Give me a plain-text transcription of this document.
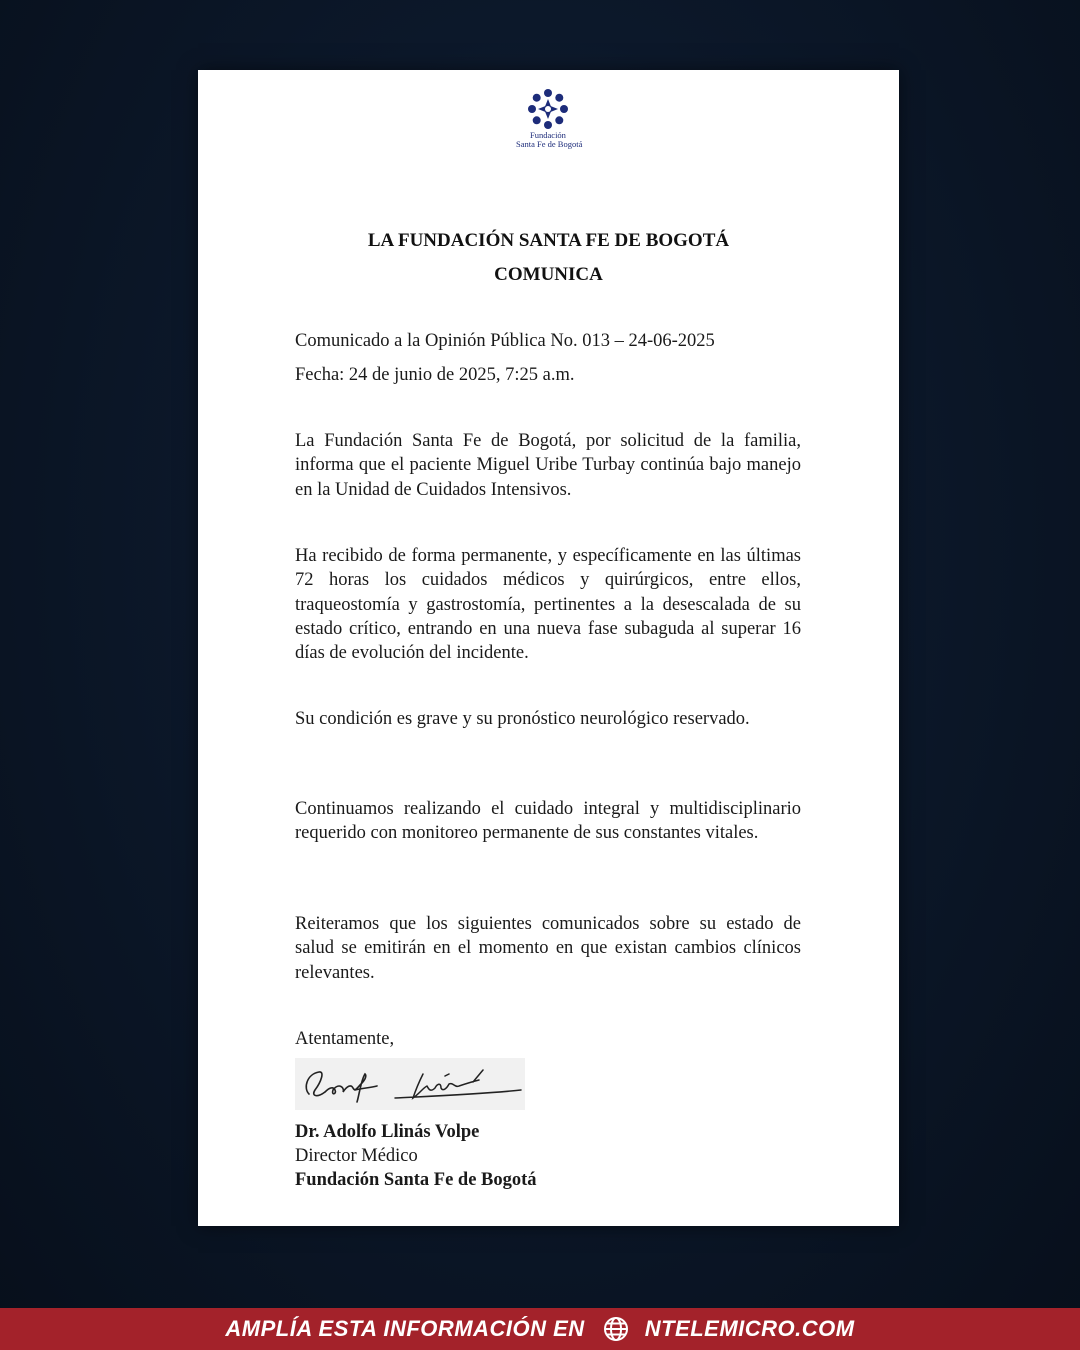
Fundación
Santa Fe de Bogotá

LA FUNDACIÓN SANTA FE DE BOGOTÁ

COMUNICA

Comunicado a la Opinión Pública No. 013 – 24-06-2025

Fecha: 24 de junio de 2025, 7:25 a.m.

La Fundación Santa Fe de Bogotá, por solicitud de la familia, informa que el paciente Miguel Uribe Turbay continúa bajo manejo en la Unidad de Cuidados Intensivos.

Ha recibido de forma permanente, y específicamente en las últimas 72 horas los cuidados médicos y quirúrgicos, entre ellos, traqueostomía y gastrostomía, pertinentes a la desescalada de su estado crítico, entrando en una nueva fase subaguda al superar 16 días de evolución del incidente.

Su condición es grave y su pronóstico neurológico reservado.

Continuamos realizando el cuidado integral y multidisciplinario requerido con monitoreo permanente de sus constantes vitales.

Reiteramos que los siguientes comunicados sobre su estado de salud se emitirán en el momento en que existan cambios clínicos relevantes.

Atentamente,

Dr. Adolfo Llinás Volpe

Director Médico

Fundación Santa Fe de Bogotá

AMPLÍA ESTA INFORMACIÓN EN	NTELEMICRO.COM
